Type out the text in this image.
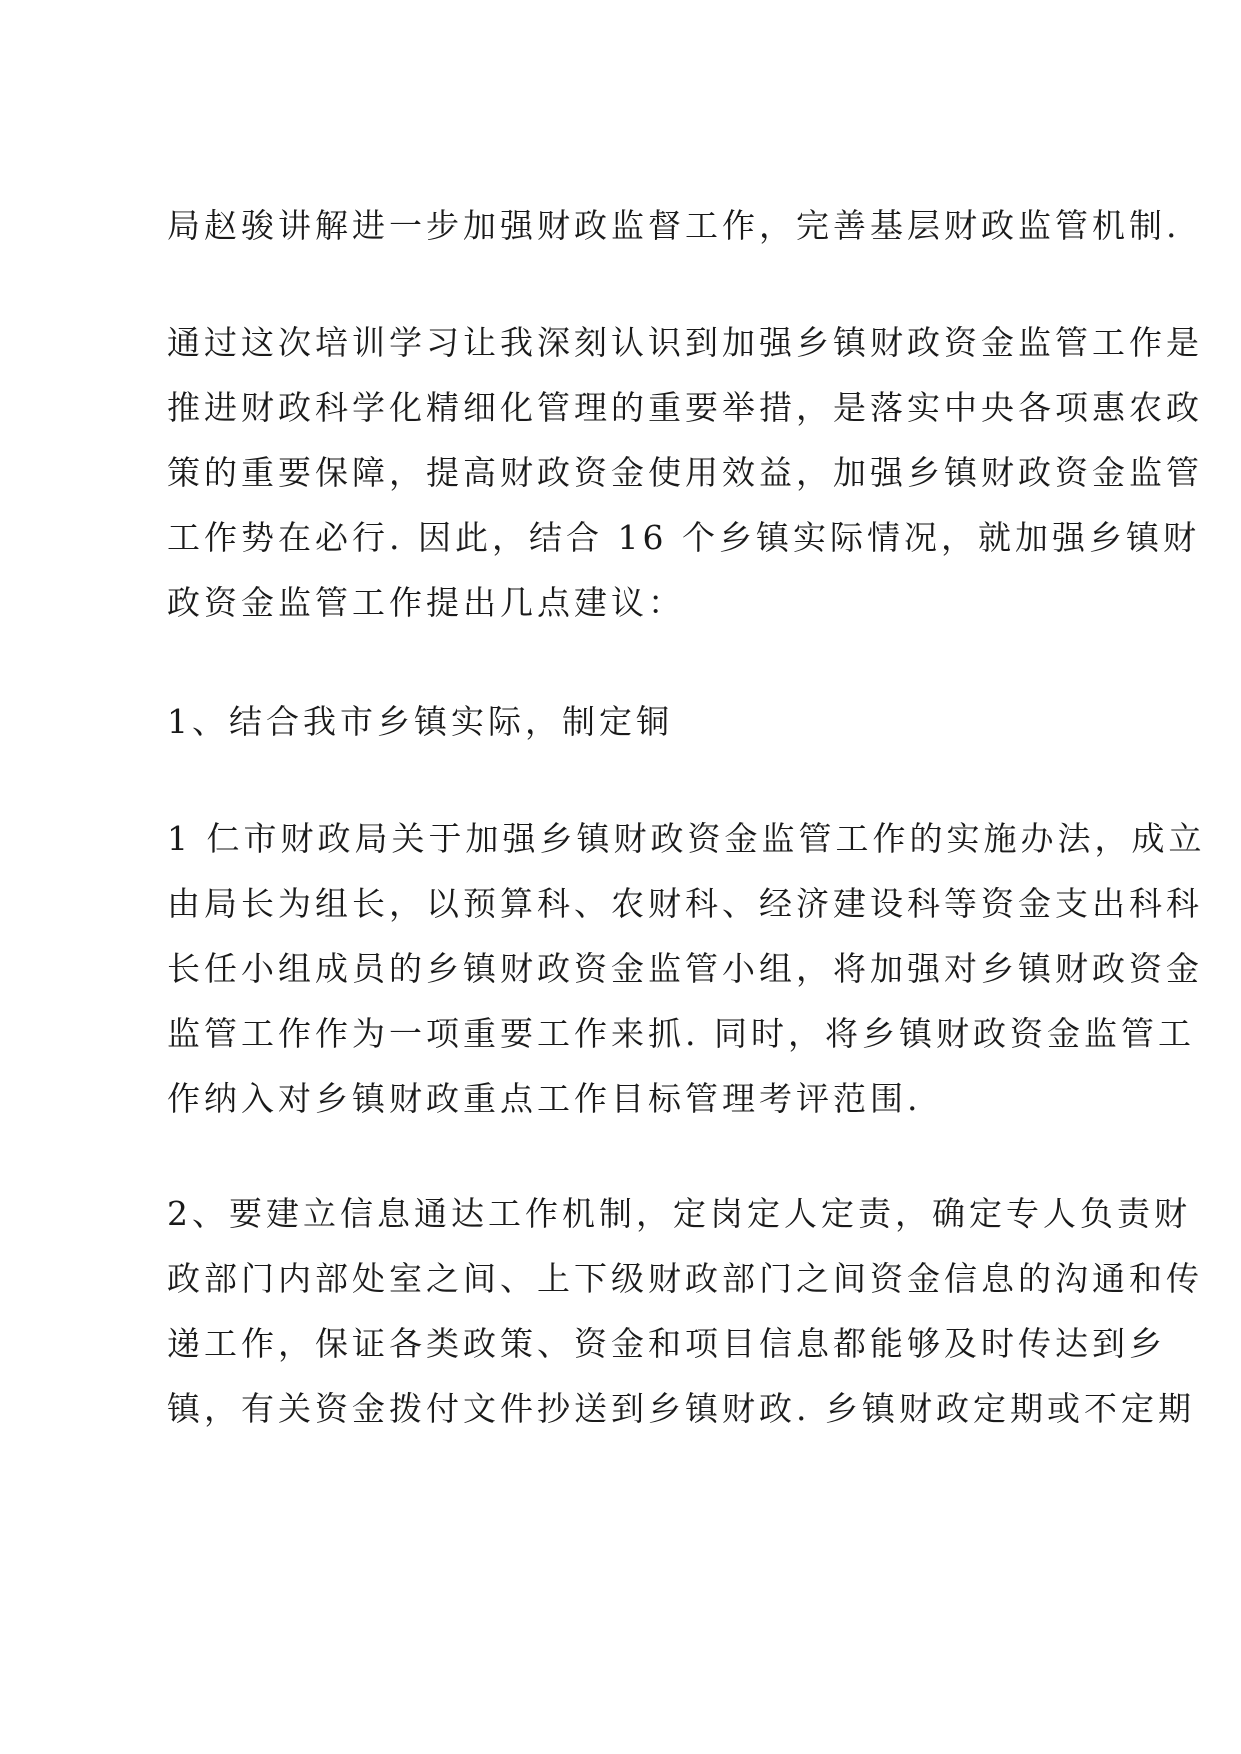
局赵骏讲解进一步加强财政监督工作，完善基层财政监管机制.
通过这次培训学习让我深刻认识到加强乡镇财政资金监管工作是
推进财政科学化精细化管理的重要举措，是落实中央各项惠农政
策的重要保障，提高财政资金使用效益，加强乡镇财政资金监管
工作势在必行. 因此，结合 16 个乡镇实际情况，就加强乡镇财
政资金监管工作提出几点建议：
1、结合我市乡镇实际，制定铜
1 仁市财政局关于加强乡镇财政资金监管工作的实施办法，成立
由局长为组长，以预算科、农财科、经济建设科等资金支出科科
长任小组成员的乡镇财政资金监管小组，将加强对乡镇财政资金
监管工作作为一项重要工作来抓. 同时，将乡镇财政资金监管工
作纳入对乡镇财政重点工作目标管理考评范围.
2、要建立信息通达工作机制，定岗定人定责，确定专人负责财
政部门内部处室之间、上下级财政部门之间资金信息的沟通和传
递工作，保证各类政策、资金和项目信息都能够及时传达到乡
镇，有关资金拨付文件抄送到乡镇财政. 乡镇财政定期或不定期
